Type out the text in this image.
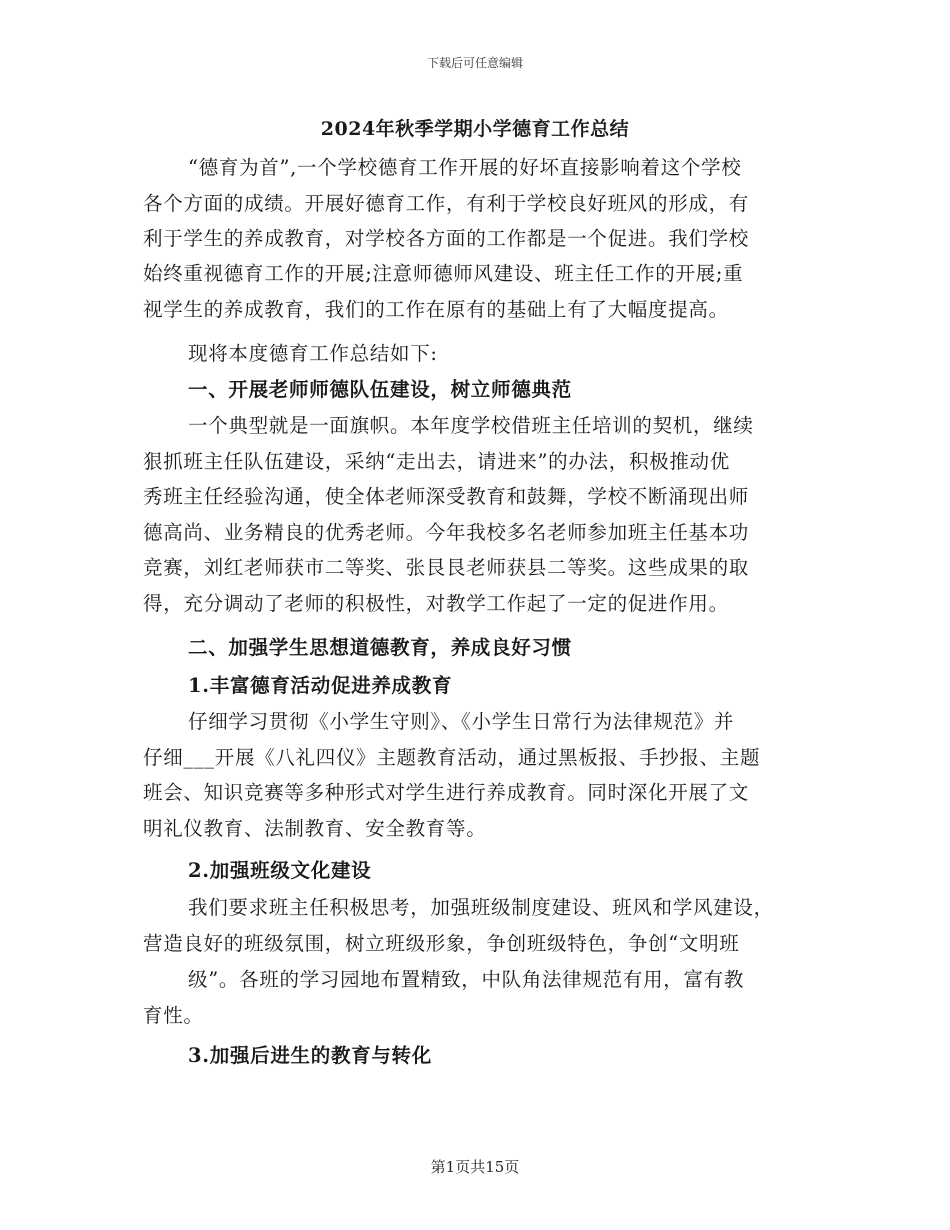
下载后可任意编辑
2024年秋季学期小学德育工作总结
“德育为首”,一个学校德育工作开展的好坏直接影响着这个学校
各个方面的成绩。开展好德育工作，有利于学校良好班风的形成，有
利于学生的养成教育，对学校各方面的工作都是一个促进。我们学校
始终重视德育工作的开展;注意师德师风建设、班主任工作的开展;重
视学生的养成教育，我们的工作在原有的基础上有了大幅度提高。
现将本度德育工作总结如下:
一、开展老师师德队伍建设，树立师德典范
一个典型就是一面旗帜。本年度学校借班主任培训的契机，继续
狠抓班主任队伍建设，采纳“走出去，请进来”的办法，积极推动优
秀班主任经验沟通，使全体老师深受教育和鼓舞，学校不断涌现出师
德高尚、业务精良的优秀老师。今年我校多名老师参加班主任基本功
竞赛，刘红老师获市二等奖、张艮艮老师获县二等奖。这些成果的取
得，充分调动了老师的积极性，对教学工作起了一定的促进作用。
二、加强学生思想道德教育，养成良好习惯
1.丰富德育活动促进养成教育
仔细学习贯彻《小学生守则》、《小学生日常行为法律规范》并
仔细___开展《八礼四仪》主题教育活动，通过黑板报、手抄报、主题
班会、知识竞赛等多种形式对学生进行养成教育。同时深化开展了文
明礼仪教育、法制教育、安全教育等。
2.加强班级文化建设
我们要求班主任积极思考，加强班级制度建设、班风和学风建设，
营造良好的班级氛围，树立班级形象，争创班级特色，争创“文明班
级”。各班的学习园地布置精致，中队角法律规范有用，富有教
育性。
3.加强后进生的教育与转化
第1页共15页
